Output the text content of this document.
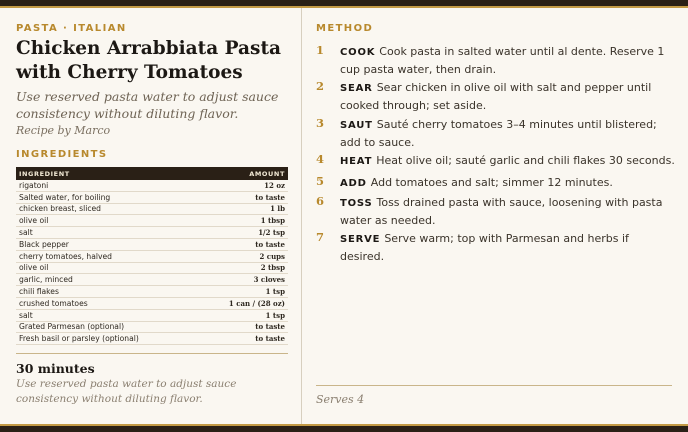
PASTA · ITALIAN
Chicken Arrabbiata Pasta with Cherry Tomatoes
Use reserved pasta water to adjust sauce consistency without diluting flavor.
Recipe by Marco
INGREDIENTS
INGREDIENT	AMOUNT
rigatoni	12 oz
Salted water, for boiling	to taste
chicken breast, sliced	1 lb
olive oil	1 tbsp
salt	1/2 tsp
Black pepper	to taste
cherry tomatoes, halved	2 cups
olive oil	2 tbsp
garlic, minced	3 cloves
chili flakes	1 tsp
crushed tomatoes	1 can / (28 oz)
salt	1 tsp
Grated Parmesan (optional)	to taste
Fresh basil or parsley (optional)	to taste
30 minutes
Use reserved pasta water to adjust sauce consistency without diluting flavor.
METHOD
1 COOK Cook pasta in salted water until al dente. Reserve 1 cup pasta water, then drain.
2 SEAR Sear chicken in olive oil with salt and pepper until cooked through; set aside.
3 SAUT Sauté cherry tomatoes 3–4 minutes until blistered; add to sauce.
4 HEAT Heat olive oil; sauté garlic and chili flakes 30 seconds.
5 ADD Add tomatoes and salt; simmer 12 minutes.
6 TOSS Toss drained pasta with sauce, loosening with pasta water as needed.
7 SERVE Serve warm; top with Parmesan and herbs if desired.
Serves 4
